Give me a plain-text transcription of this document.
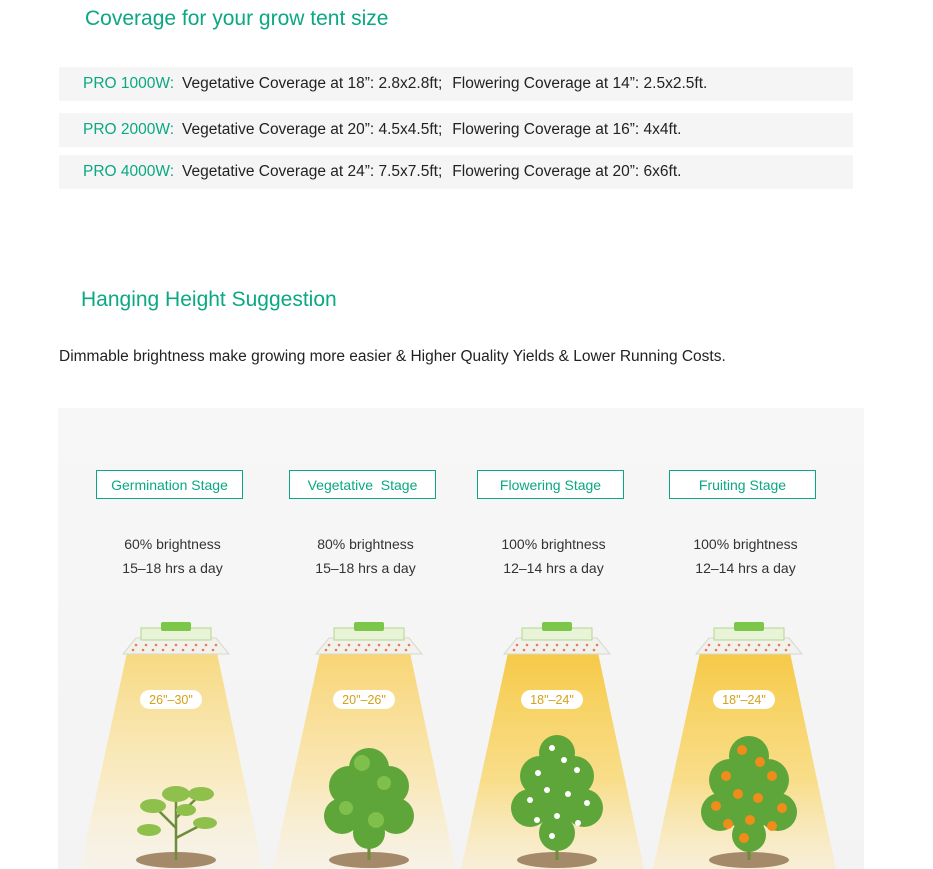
Coverage for your grow tent size
PRO 1000W: Vegetative Coverage at 18”: 2.8x2.8ft; Flowering Coverage at 14”: 2.5x2.5ft.
PRO 2000W: Vegetative Coverage at 20”: 4.5x4.5ft; Flowering Coverage at 16”: 4x4ft.
PRO 4000W: Vegetative Coverage at 24”: 7.5x7.5ft; Flowering Coverage at 20”: 6x6ft.
Hanging Height Suggestion

Dimmable brightness make growing more easier & Higher Quality Yields & Lower Running Costs.

Germination Stage
60% brightness
15–18 hrs a day
26"–30"
Vegetative  Stage
80% brightness
15–18 hrs a day
20"–26"
Flowering Stage
100% brightness
12–14 hrs a day
18"–24"
Fruiting Stage
100% brightness
12–14 hrs a day
18"–24"
